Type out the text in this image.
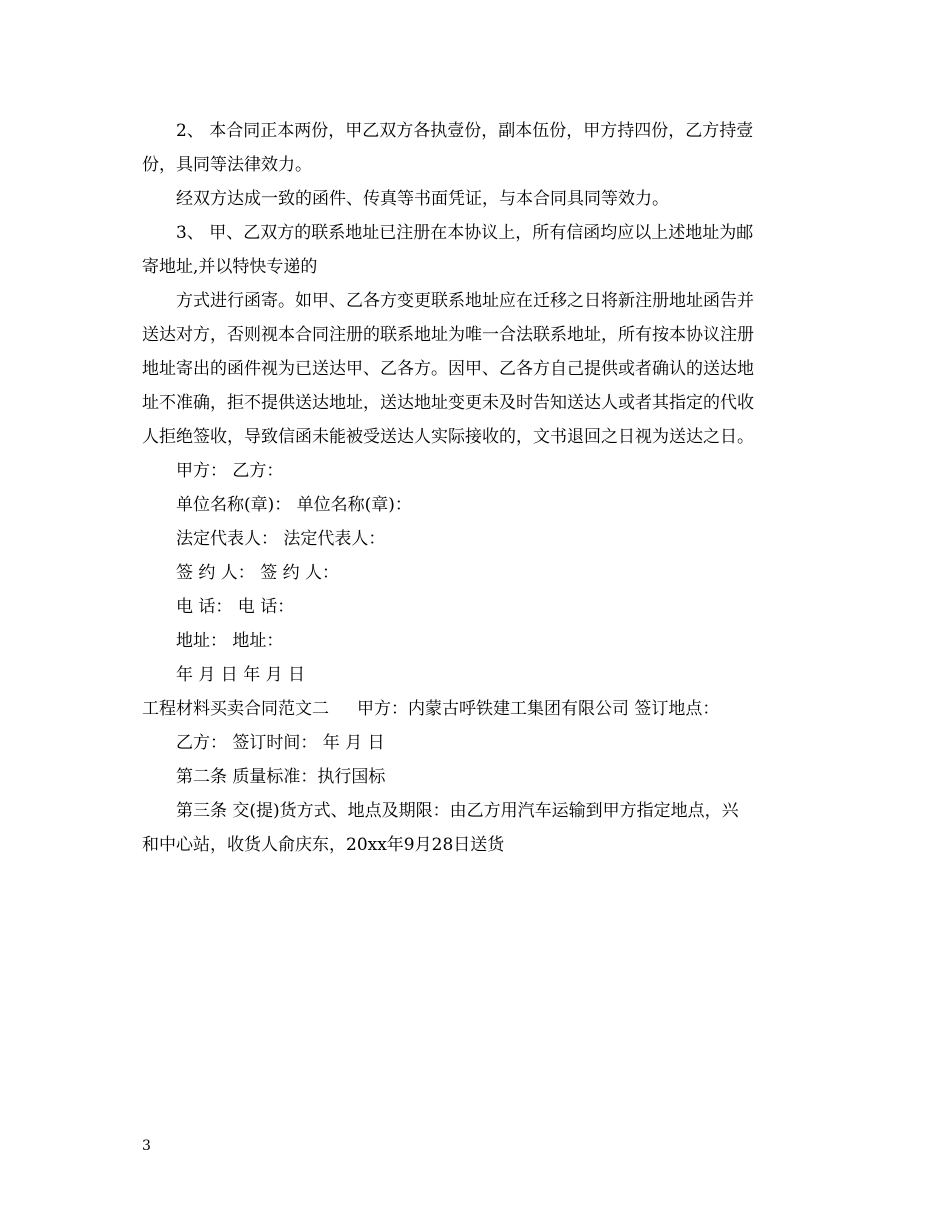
2、 本合同正本两份，甲乙双方各执壹份，副本伍份，甲方持四份，乙方持壹
份，具同等法律效力。
经双方达成一致的函件、传真等书面凭证，与本合同具同等效力。
3、 甲、乙双方的联系地址已注册在本协议上，所有信函均应以上述地址为邮
寄地址,并以特快专递的
方式进行函寄。如甲、乙各方变更联系地址应在迁移之日将新注册地址函告并
送达对方，否则视本合同注册的联系地址为唯一合法联系地址，所有按本协议注册
地址寄出的函件视为已送达甲、乙各方。因甲、乙各方自己提供或者确认的送达地
址不准确，拒不提供送达地址，送达地址变更未及时告知送达人或者其指定的代收
人拒绝签收，导致信函未能被受送达人实际接收的，文书退回之日视为送达之日。
甲方： 乙方：
单位名称(章)： 单位名称(章)：
法定代表人： 法定代表人：
签 约 人： 签 约 人：
电 话： 电 话：
地址： 地址：
年 月 日 年 月 日
工程材料买卖合同范文二 甲方：内蒙古呼铁建工集团有限公司 签订地点：
乙方： 签订时间： 年 月 日
第二条 质量标准：执行国标
第三条 交(提)货方式、地点及期限：由乙方用汽车运输到甲方指定地点，兴
和中心站，收货人俞庆东，20xx年9月28日送货
3
